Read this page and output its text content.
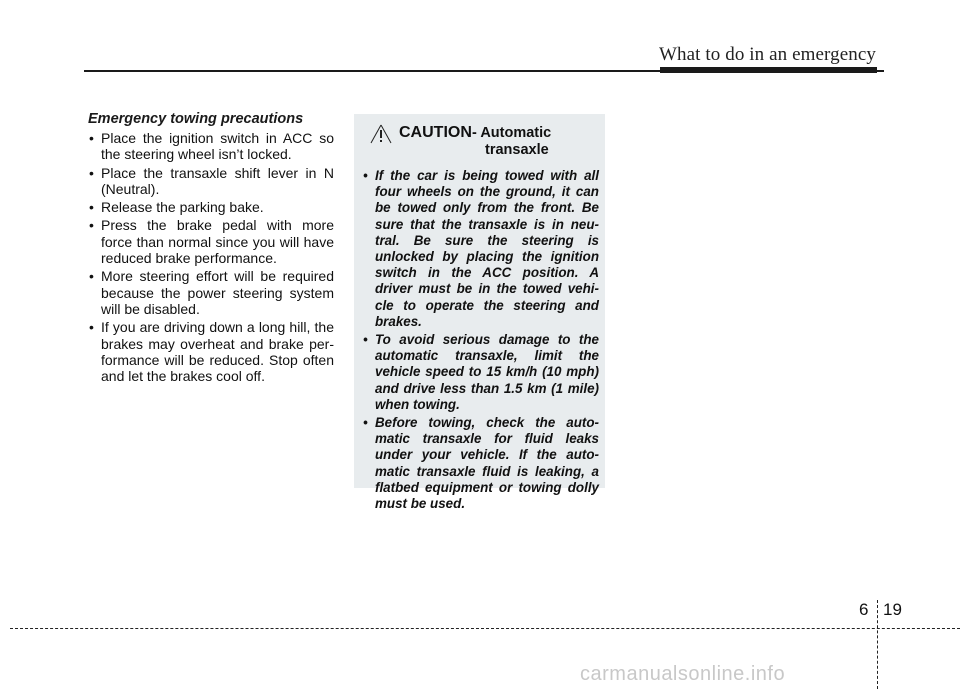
What to do in an emergency
Emergency towing precautions
• Place the ignition switch in ACC so the steering wheel isn’t locked.
• Place the transaxle shift lever in N (Neutral).
• Release the parking bake.
• Press the brake pedal with more force than normal since you will have reduced brake performance.
• More steering effort will be required because the power steering system will be disabled.
• If you are driving down a long hill, the brakes may overheat and brake per-formance will be reduced. Stop often and let the brakes cool off.
CAUTION - Automatic
transaxle
• If the car is being towed with all four wheels on the ground, it can be towed only from the front. Be sure that the transaxle is in neu-tral. Be sure the steering is unlocked by placing the ignition switch in the ACC position. A driver must be in the towed vehi-cle to operate the steering and brakes.
• To avoid serious damage to the automatic transaxle, limit the vehicle speed to 15 km/h (10 mph) and drive less than 1.5 km (1 mile) when towing.
• Before towing, check the auto-matic transaxle for fluid leaks under your vehicle. If the auto-matic transaxle fluid is leaking, a flatbed equipment or towing dolly must be used.
6 19
carmanualsonline.info
